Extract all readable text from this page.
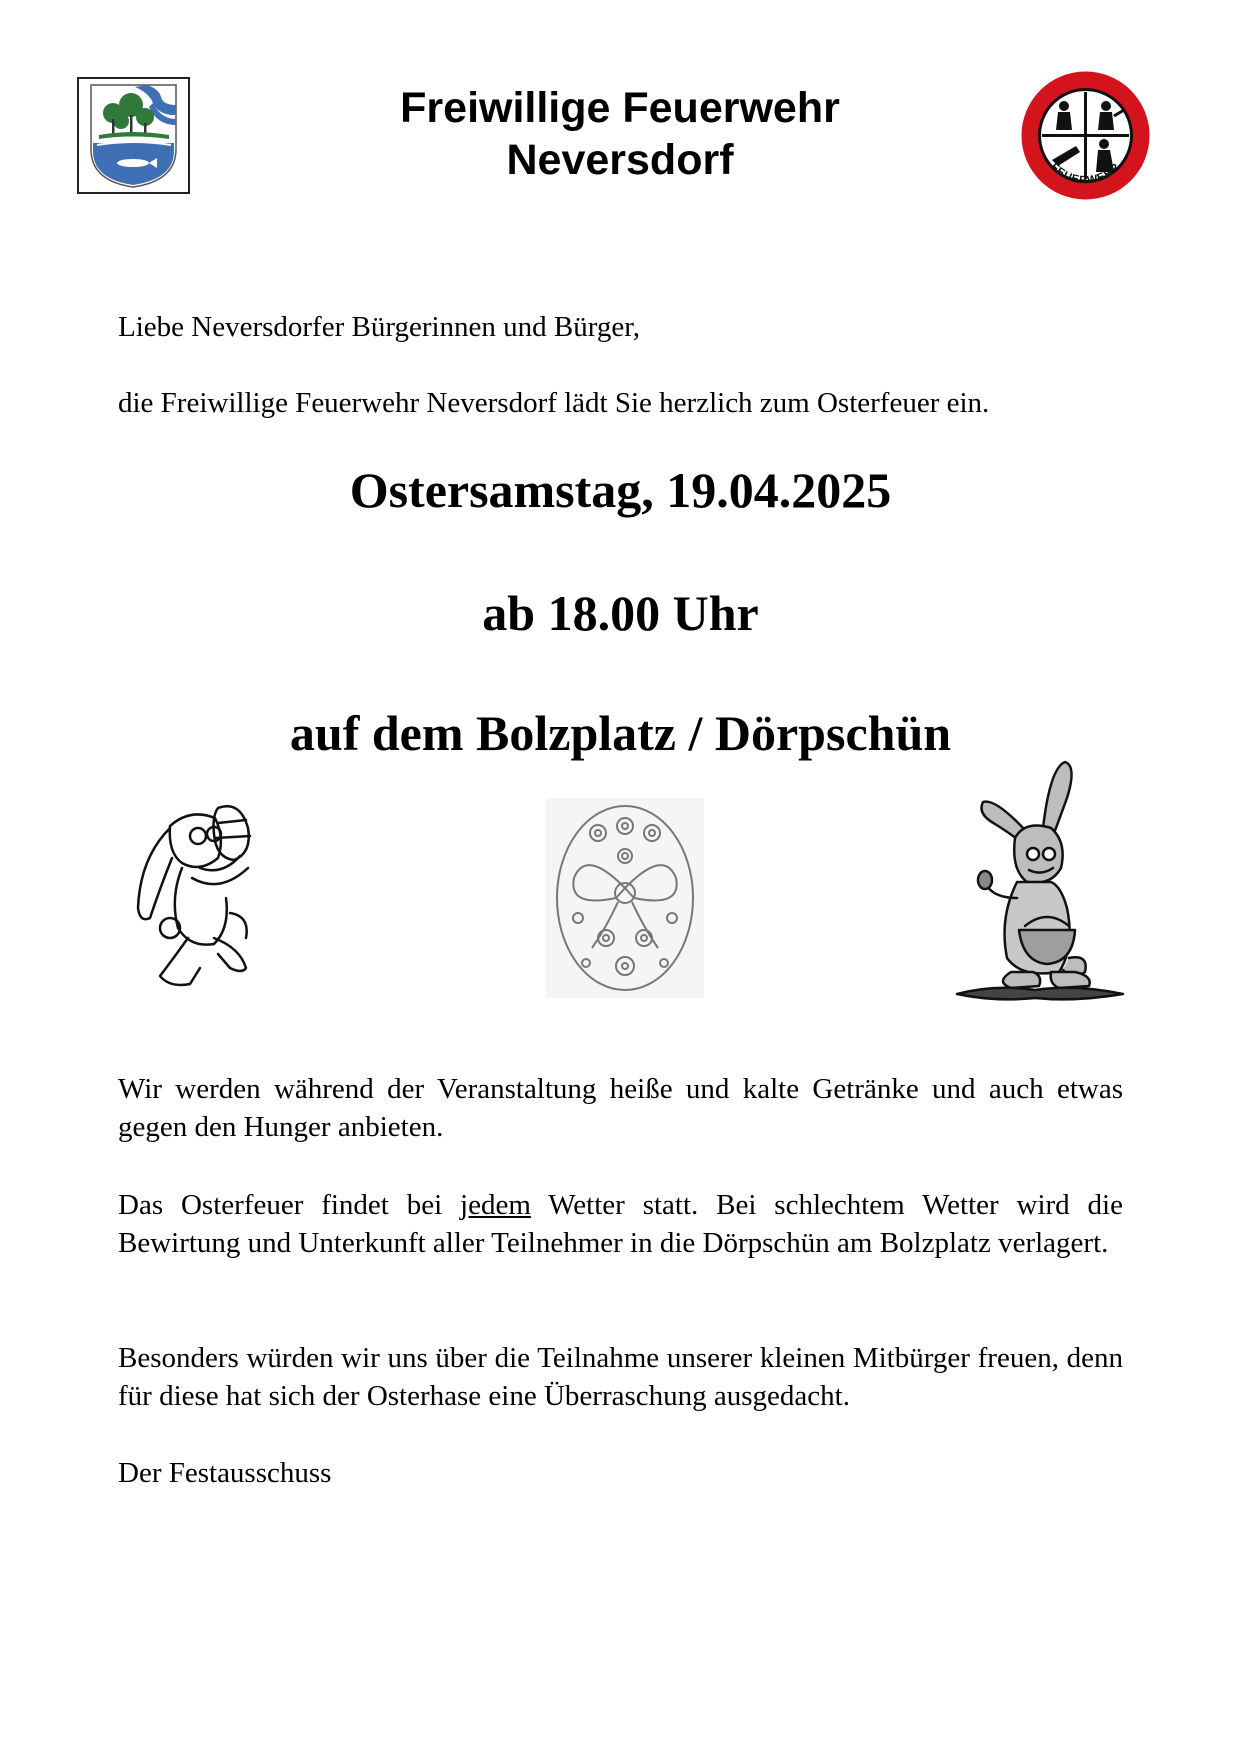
Freiwillige Feuerwehr
Neversdorf	FEUERWEHR

Liebe Neversdorfer Bürgerinnen und Bürger,

die Freiwillige Feuerwehr Neversdorf lädt Sie herzlich zum Osterfeuer ein.

Ostersamstag, 19.04.2025
ab 18.00 Uhr
auf dem Bolzplatz / Dörpschün

Wir werden während der Veranstaltung heiße und kalte Getränke und auch etwas gegen den Hunger anbieten.

Das Osterfeuer findet bei jedem Wetter statt. Bei schlechtem Wetter wird die Bewirtung und Unterkunft aller Teilnehmer in die Dörpschün am Bolzplatz verlagert.

Besonders würden wir uns über die Teilnahme unserer kleinen Mitbürger freuen, denn für diese hat sich der Osterhase eine Überraschung ausgedacht.

Der Festausschuss
